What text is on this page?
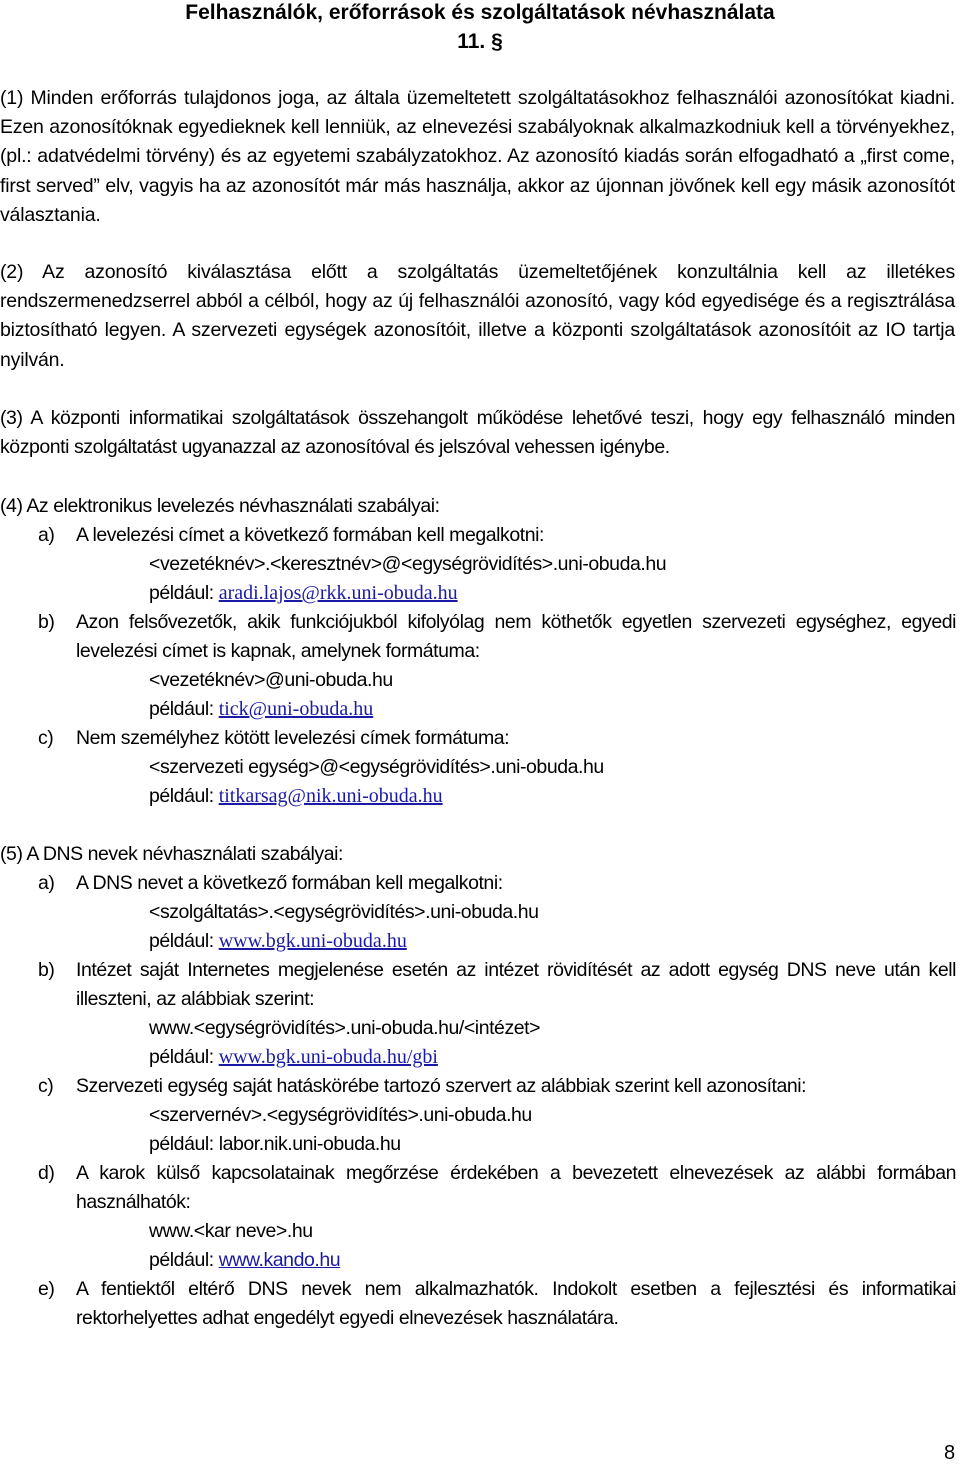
Felhasználók, erőforrások és szolgáltatások névhasználata
11. §
(1) Minden erőforrás tulajdonos joga, az általa üzemeltetett szolgáltatásokhoz felhasználói azonosítókat kiadni. Ezen azonosítóknak egyedieknek kell lenniük, az elnevezési szabályoknak alkalmazkodniuk kell a törvényekhez, (pl.: adatvédelmi törvény) és az egyetemi szabályzatokhoz. Az azonosító kiadás során elfogadható a „first come, first served” elv, vagyis ha az azonosítót már más használja, akkor az újonnan jövőnek kell egy másik azonosítót választania.
(2) Az azonosító kiválasztása előtt a szolgáltatás üzemeltetőjének konzultálnia kell az illetékes rendszermenedzserrel abból a célból, hogy az új felhasználói azonosító, vagy kód egyedisége és a regisztrálása biztosítható legyen. A szervezeti egységek azonosítóit, illetve a központi szolgáltatások azonosítóit az IO tartja nyilván.
(3) A központi informatikai szolgáltatások összehangolt működése lehetővé teszi, hogy egy felhasználó minden központi szolgáltatást ugyanazzal az azonosítóval és jelszóval vehessen igénybe.
(4) Az elektronikus levelezés névhasználati szabályai:
a) A levelezési címet a következő formában kell megalkotni:
<vezetéknév>.<keresztnév>@<egységrövidítés>.uni-obuda.hu
például: aradi.lajos@rkk.uni-obuda.hu
b) Azon felsővezetők, akik funkciójukból kifolyólag nem köthetők egyetlen szervezeti egységhez, egyedi levelezési címet is kapnak, amelynek formátuma:
<vezetéknév>@uni-obuda.hu
például: tick@uni-obuda.hu
c) Nem személyhez kötött levelezési címek formátuma:
<szervezeti egység>@<egységrövidítés>.uni-obuda.hu
például: titkarsag@nik.uni-obuda.hu
(5) A DNS nevek névhasználati szabályai:
a) A DNS nevet a következő formában kell megalkotni:
<szolgáltatás>.<egységrövidítés>.uni-obuda.hu
például: www.bgk.uni-obuda.hu
b) Intézet saját Internetes megjelenése esetén az intézet rövidítését az adott egység DNS neve után kell illeszteni, az alábbiak szerint:
www.<egységrövidítés>.uni-obuda.hu/<intézet>
például: www.bgk.uni-obuda.hu/gbi
c) Szervezeti egység saját hatáskörébe tartozó szervert az alábbiak szerint kell azonosítani:
<szervernév>.<egységrövidítés>.uni-obuda.hu
például: labor.nik.uni-obuda.hu
d) A karok külső kapcsolatainak megőrzése érdekében a bevezetett elnevezések az alábbi formában használhatók:
www.<kar neve>.hu
például: www.kando.hu
e) A fentiektől eltérő DNS nevek nem alkalmazhatók. Indokolt esetben a fejlesztési és informatikai rektorhelyettes adhat engedélyt egyedi elnevezések használatára.
8
